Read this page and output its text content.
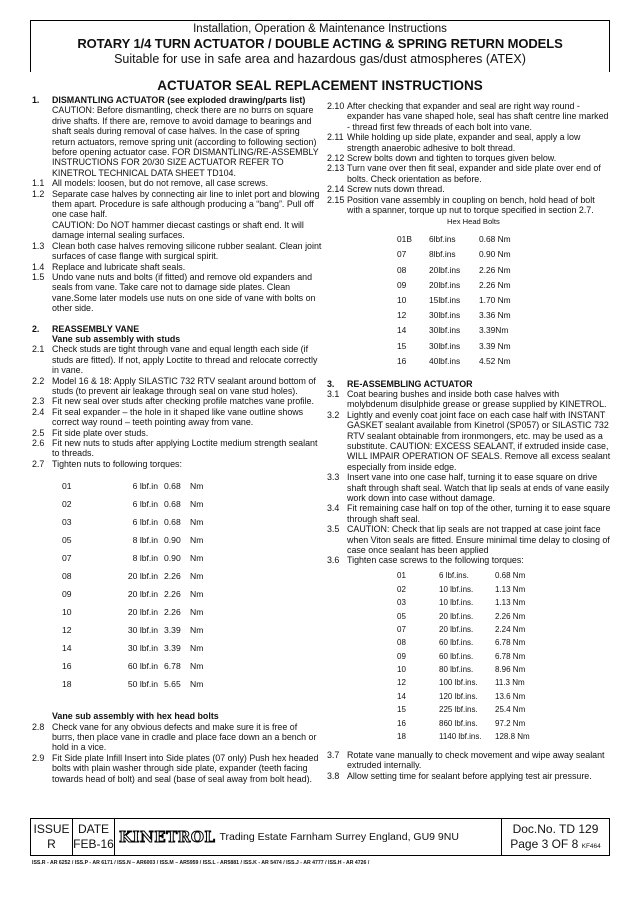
Installation, Operation & Maintenance Instructions
ROTARY 1/4 TURN ACTUATOR / DOUBLE ACTING & SPRING RETURN MODELS
Suitable for use in safe area and hazardous gas/dust atmospheres (ATEX)
ACTUATOR SEAL REPLACEMENT INSTRUCTIONS
1.	DISMANTLING ACTUATOR (see exploded drawing/parts list) CAUTION: Before dismantling, check there are no burrs on square drive shafts. If there are, remove to avoid damage to bearings and shaft seals during removal of case halves. In the case of spring return actuators, remove spring unit (according to following section) before opening actuator case. FOR DISMANTLING/RE-ASSEMBLY INSTRUCTIONS FOR 20/30 SIZE ACTUATOR REFER TO KINETROL TECHNICAL DATA SHEET TD104.
1.1 All models: loosen, but do not remove, all case screws.
1.2 Separate case halves by connecting air line to inlet port and blowing them apart. Procedure is safe although producing a “bang”. Pull off one case half.
CAUTION: Do NOT hammer diecast castings or shaft end. It will damage internal sealing surfaces.
1.3 Clean both case halves removing silicone rubber sealant. Clean joint surfaces of case flange with surgical spirit.
1.4 Replace and lubricate shaft seals.
1.5 Undo vane nuts and bolts (if fitted) and remove old expanders and seals from vane. Take care not to damage side plates. Clean vane.Some later models use nuts on one side of vane with bolts on other side.
2.	REASSEMBLY VANE
Vane sub assembly with studs
2.1 Check studs are tight through vane and equal length each side (if studs are fitted). If not, apply Loctite to thread and relocate correctly in vane.
2.2 Model 16 & 18: Apply SILASTIC 732 RTV sealant around bottom of studs (to prevent air leakage through seal on vane stud holes).
2.3 Fit new seal over studs after checking profile matches vane profile.
2.4 Fit seal expander – the hole in it shaped like vane outline shows correct way round – teeth pointing away from vane.
2.5 Fit side plate over studs.
2.6 Fit new nuts to studs after applying Loctite medium strength sealant to threads.
2.7 Tighten nuts to following torques:
01	6 lbf.in	0.68	Nm
02	6 lbf.in	0.68	Nm
03	6 lbf.in	0.68	Nm
05	8 lbf.in	0.90	Nm
07	8 lbf.in	0.90	Nm
08	20 lbf.in	2.26	Nm
09	20 lbf.in	2.26	Nm
10	20 lbf.in	2.26	Nm
12	30 lbf.in	3.39	Nm
14	30 lbf.in	3.39	Nm
16	60 lbf.in	6.78	Nm
18	50 lbf.in	5.65	Nm
Vane sub assembly with hex head bolts
2.8 Check vane for any obvious defects and make sure it is free of burrs, then place vane in cradle and place face down an a bench or hold in a vice.
2.9 Fit Side plate Infill Insert into Side plates (07 only) Push hex headed bolts with plain washer through side plate, expander (teeth facing towards head of bolt) and seal (base of seal away from bolt head).
2.10 After checking that expander and seal are right way round - expander has vane shaped hole, seal has shaft centre line marked - thread first few threads of each bolt into vane.
2.11 While holding up side plate, expander and seal, apply a low strength anaerobic adhesive to bolt thread.
2.12 Screw bolts down and tighten to torques given below.
2.13 Turn vane over then fit seal, expander and side plate over end of bolts. Check orientation as before.
2.14 Screw nuts down thread.
2.15 Position vane assembly in coupling on bench, hold head of bolt with a spanner, torque up nut to torque specified in section 2.7.
Hex Head Bolts
01B	6lbf.ins	0.68 Nm
07	8lbf.ins	0.90 Nm
08	20lbf.ins	2.26 Nm
09	20lbf.ins	2.26 Nm
10	15lbf.ins	1.70 Nm
12	30lbf.ins	3.36 Nm
14	30lbf.ins	3.39Nm
15	30lbf.ins	3.39 Nm
16	40lbf.ins	4.52 Nm
3.	RE-ASSEMBLING ACTUATOR
3.1 Coat bearing bushes and inside both case halves with molybdenum disulphide grease or grease supplied by KINETROL.
3.2 Lightly and evenly coat joint face on each case half with INSTANT GASKET sealant available from Kinetrol (SP057) or SILASTIC 732 RTV sealant obtainable from ironmongers, etc. may be used as a substitute. CAUTION: EXCESS SEALANT, if extruded inside case, WILL IMPAIR OPERATION OF SEALS. Remove all excess sealant especially from inside edge.
3.3 Insert vane into one case half, turning it to ease square on drive shaft through shaft seal. Watch that lip seals at ends of vane easily work down into case without damage.
3.4 Fit remaining case half on top of the other, turning it to ease square through shaft seal.
3.5 CAUTION: Check that lip seals are not trapped at case joint face when Viton seals are fitted. Ensure minimal time delay to closing of case once sealant has been applied
3.6 Tighten case screws to the following torques:
01	6 lbf.ins.	0.68 Nm
02	10 lbf.ins.	1.13 Nm
03	10 lbf.ins.	1.13 Nm
05	20 lbf.ins.	2.26 Nm
07	20 lbf.ins.	2.24 Nm
08	60 lbf.ins.	6.78 Nm
09	60 lbf.ins.	6.78 Nm
10	80 lbf.ins.	8.96 Nm
12	100 lbf.ins.	11.3 Nm
14	120 lbf.ins.	13.6 Nm
15	225 lbf.ins.	25.4 Nm
16	860 lbf.ins.	97.2 Nm
18	1140 lbf.ins.	128.8 Nm
3.7 Rotate vane manually to check movement and wipe away sealant extruded internally.
3.8 Allow setting time for sealant before applying test air pressure.
ISSUE
R
DATE
FEB-16 KINETROL Trading Estate Farnham Surrey England, GU9 9NU
Doc.No. TD 129
Page 3 OF 8 KF464
ISS.R - AR 6252 / ISS.P - AR 6171 / ISS.N – AR6003 / ISS.M – AR5959 / ISS.L - AR5881 / ISS.K - AR 5474 / ISS.J - AR 4777 / ISS.H - AR 4726 /
